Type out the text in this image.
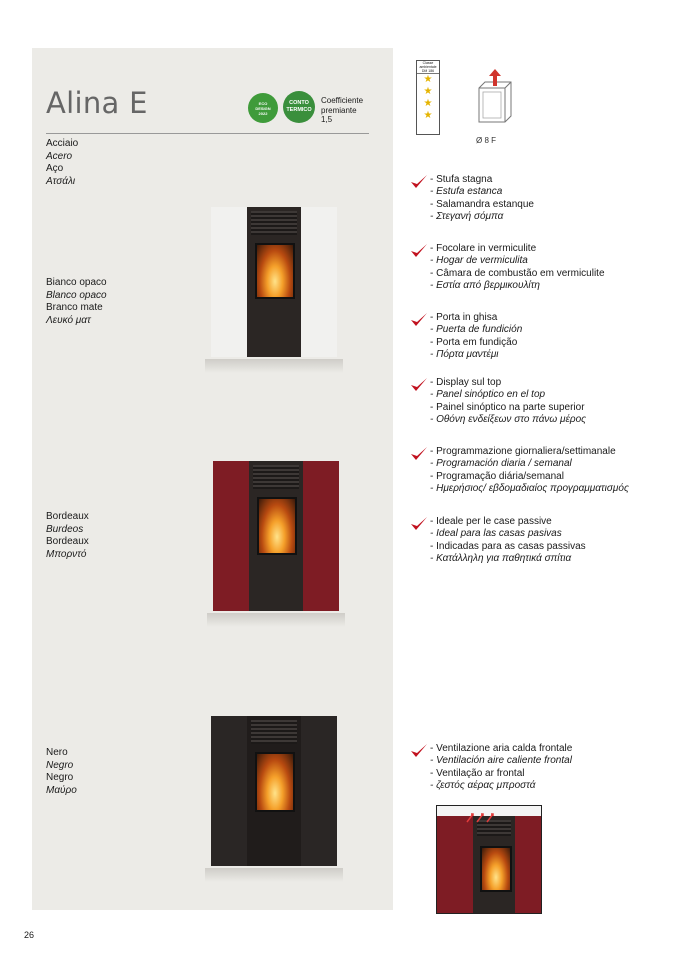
Alina E	ECO
DESIGN
2022
CONTO
TERMICO
Coefficiente
premiante
1,5
Acciaio
Acero
Aço
Ατσάλι
Bianco opaco
Blanco opaco
Branco mate
Λευκό ματ
Bordeaux
Burdeos
Bordeaux
Μπορντό
Nero
Negro
Negro
Μαύρο
Classe
ambientale
DM 186
★
★
★
★
Ø 8 F
- Stufa stagna
- Estufa estanca
- Salamandra estanque
- Στεγανή σόμπα
- Focolare in vermiculite
- Hogar de vermiculita
- Câmara de combustão em vermiculite
- Εστία από βερμικουλίτη
- Porta in ghisa
- Puerta de fundición
- Porta em fundição
- Πόρτα μαντέμι
- Display sul top
- Panel sinóptico en el top
- Painel sinóptico na parte superior
- Οθόνη ενδείξεων στο πάνω μέρος
- Programmazione giornaliera/settimanale
- Programación diaria / semanal
- Programação diária/semanal
- Ημερήσιος/ εβδομαδιαίος προγραμματισμός
- Ideale per le case passive
- Ideal para las casas pasivas
- Indicadas para as casas passivas
- Κατάλληλη για παθητικά σπίτια
- Ventilazione aria calda frontale
- Ventilación aire caliente frontal
- Ventilação ar frontal
- ζεστός αέρας μπροστά
26
